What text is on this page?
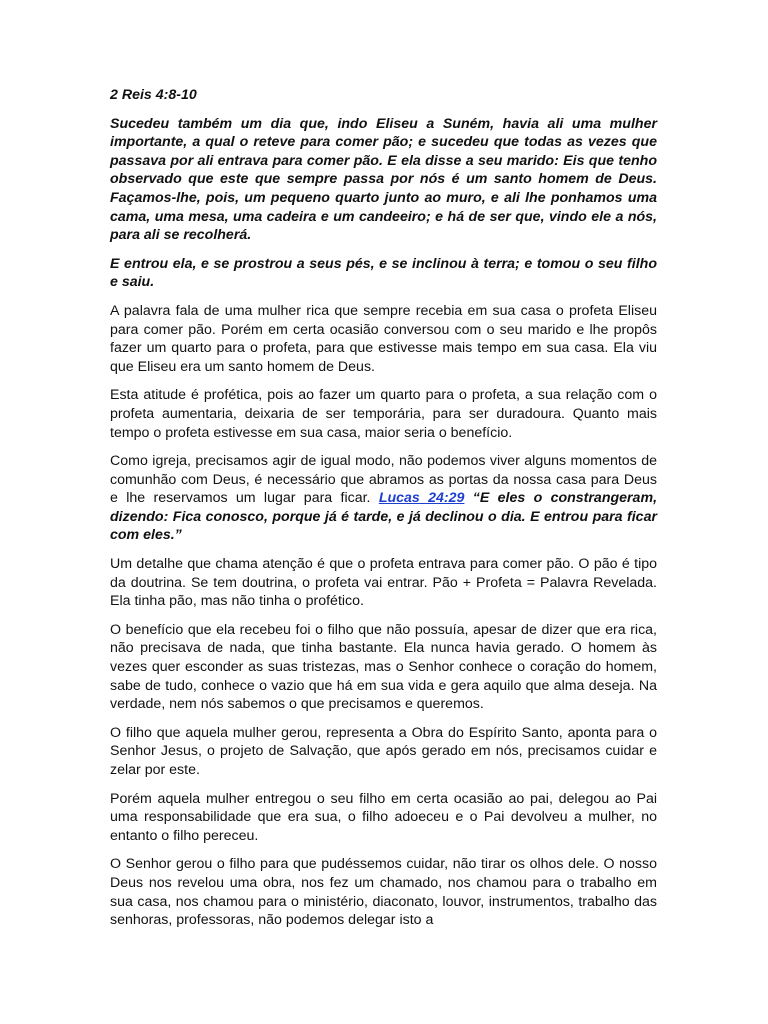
2 Reis 4:8-10

Sucedeu também um dia que, indo Eliseu a Suném, havia ali uma mulher importante, a qual o reteve para comer pão; e sucedeu que todas as vezes que passava por ali entrava para comer pão. E ela disse a seu marido: Eis que tenho observado que este que sempre passa por nós é um santo homem de Deus. Façamos-lhe, pois, um pequeno quarto junto ao muro, e ali lhe ponhamos uma cama, uma mesa, uma cadeira e um candeeiro; e há de ser que, vindo ele a nós, para ali se recolherá.

E entrou ela, e se prostrou a seus pés, e se inclinou à terra; e tomou o seu filho e saiu.

A palavra fala de uma mulher rica que sempre recebia em sua casa o profeta Eliseu para comer pão. Porém em certa ocasião conversou com o seu marido e lhe propôs fazer um quarto para o profeta, para que estivesse mais tempo em sua casa. Ela viu que Eliseu era um santo homem de Deus.

Esta atitude é profética, pois ao fazer um quarto para o profeta, a sua relação com o profeta aumentaria, deixaria de ser temporária, para ser duradoura. Quanto mais tempo o profeta estivesse em sua casa, maior seria o benefício.

Como igreja, precisamos agir de igual modo, não podemos viver alguns momentos de comunhão com Deus, é necessário que abramos as portas da nossa casa para Deus e lhe reservamos um lugar para ficar. Lucas 24:29 “E eles o constrangeram, dizendo: Fica conosco, porque já é tarde, e já declinou o dia. E entrou para ficar com eles.”

Um detalhe que chama atenção é que o profeta entrava para comer pão. O pão é tipo da doutrina. Se tem doutrina, o profeta vai entrar. Pão + Profeta = Palavra Revelada. Ela tinha pão, mas não tinha o profético.

O benefício que ela recebeu foi o filho que não possuía, apesar de dizer que era rica, não precisava de nada, que tinha bastante. Ela nunca havia gerado. O homem às vezes quer esconder as suas tristezas, mas o Senhor conhece o coração do homem, sabe de tudo, conhece o vazio que há em sua vida e gera aquilo que alma deseja. Na verdade, nem nós sabemos o que precisamos e queremos.

O filho que aquela mulher gerou, representa a Obra do Espírito Santo, aponta para o Senhor Jesus, o projeto de Salvação, que após gerado em nós, precisamos cuidar e zelar por este.

Porém aquela mulher entregou o seu filho em certa ocasião ao pai, delegou ao Pai uma responsabilidade que era sua, o filho adoeceu e o Pai devolveu a mulher, no entanto o filho pereceu.

O Senhor gerou o filho para que pudéssemos cuidar, não tirar os olhos dele. O nosso Deus nos revelou uma obra, nos fez um chamado, nos chamou para o trabalho em sua casa, nos chamou para o ministério, diaconato, louvor, instrumentos, trabalho das senhoras, professoras, não podemos delegar isto a
